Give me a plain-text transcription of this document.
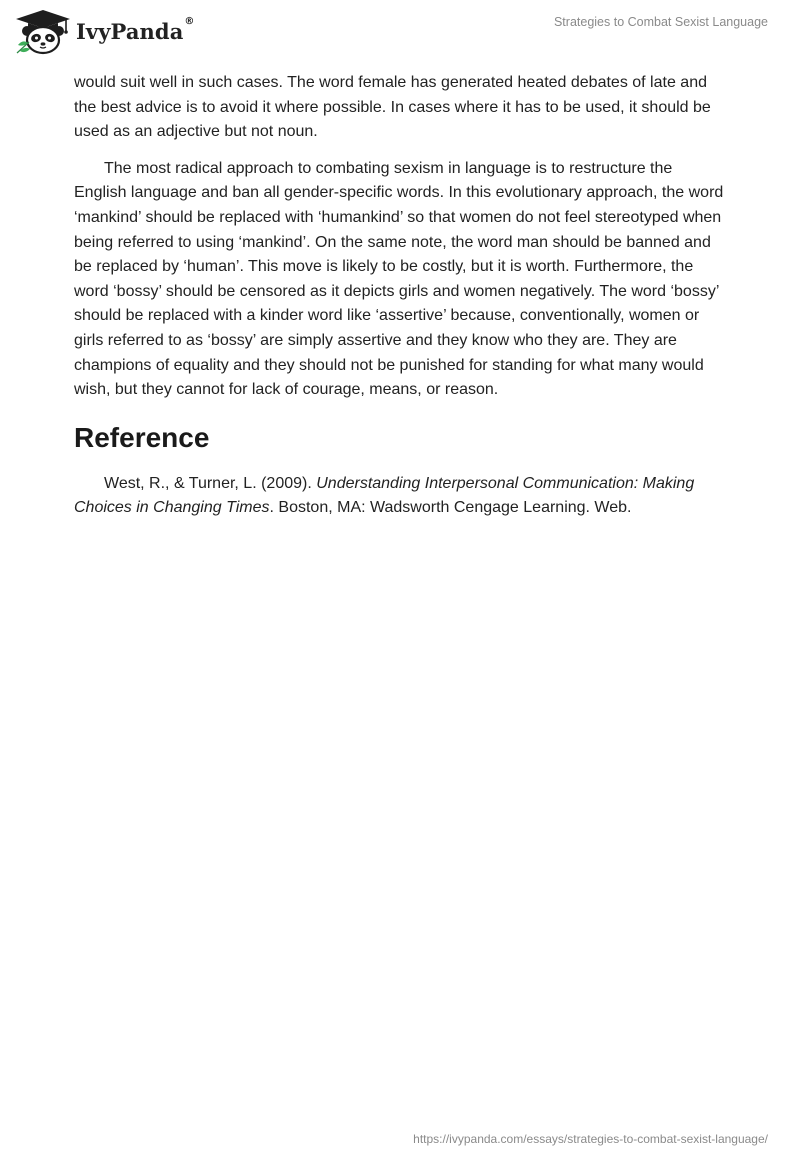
IvyPanda®	Strategies to Combat Sexist Language

would suit well in such cases. The word female has generated heated debates of late and the best advice is to avoid it where possible. In cases where it has to be used, it should be used as an adjective but not noun.

The most radical approach to combating sexism in language is to restructure the English language and ban all gender-specific words. In this evolutionary approach, the word ‘mankind’ should be replaced with ‘humankind’ so that women do not feel stereotyped when being referred to using ‘mankind’. On the same note, the word man should be banned and be replaced by ‘human’. This move is likely to be costly, but it is worth. Furthermore, the word ‘bossy’ should be censored as it depicts girls and women negatively. The word ‘bossy’ should be replaced with a kinder word like ‘assertive’ because, conventionally, women or girls referred to as ‘bossy’ are simply assertive and they know who they are. They are champions of equality and they should not be punished for standing for what many would wish, but they cannot for lack of courage, means, or reason.

Reference

West, R., & Turner, L. (2009). Understanding Interpersonal Communication: Making Choices in Changing Times. Boston, MA: Wadsworth Cengage Learning. Web.

https://ivypanda.com/essays/strategies-to-combat-sexist-language/
